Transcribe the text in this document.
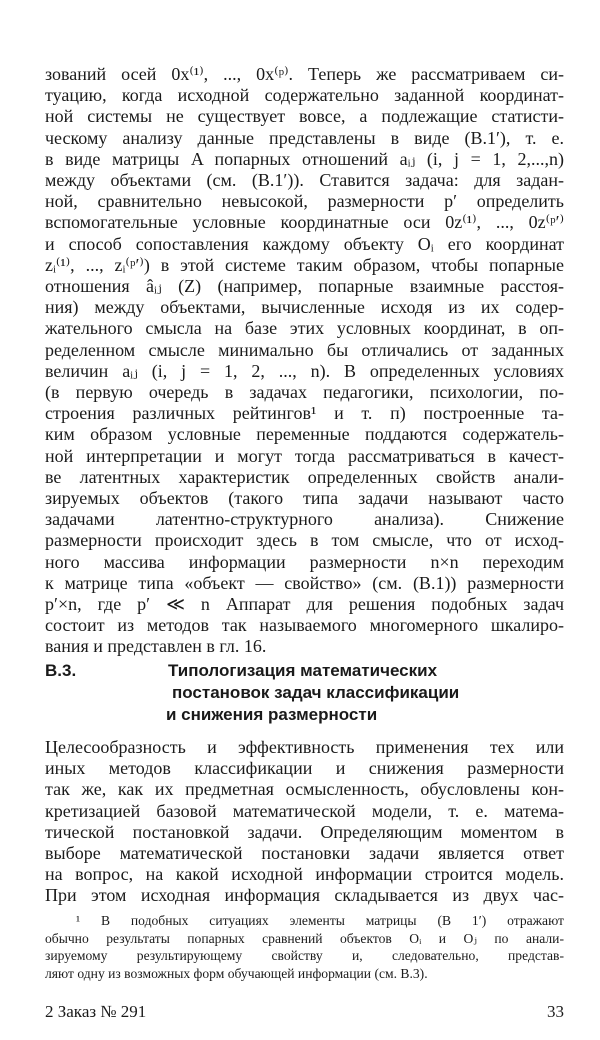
зований осей 0x⁽¹⁾, ..., 0x⁽ᵖ⁾. Теперь же рассматриваем си-
туацию, когда исходной содержательно заданной координат-
ной системы не существует вовсе, а подлежащие статисти-
ческому анализу данные представлены в виде (В.1′), т. е.
в виде матрицы A попарных отношений aᵢⱼ (i, j = 1, 2,...,n)
между объектами (см. (В.1′)). Ставится задача: для задан-
ной, сравнительно невысокой, размерности p′ определить
вспомогательные условные координатные оси 0z⁽¹⁾, ..., 0z⁽ᵖ′⁾
и способ сопоставления каждому объекту Oᵢ его координат
zᵢ⁽¹⁾, ..., zᵢ⁽ᵖ′⁾) в этой системе таким образом, чтобы попарные
отношения âᵢⱼ (Z) (например, попарные взаимные расстоя-
ния) между объектами, вычисленные исходя из их содер-
жательного смысла на базе этих условных координат, в оп-
ределенном смысле минимально бы отличались от заданных
величин aᵢⱼ (i, j = 1, 2, ..., n). В определенных условиях
(в первую очередь в задачах педагогики, психологии, по-
строения различных рейтингов¹ и т. п) построенные та-
ким образом условные переменные поддаются содержатель-
ной интерпретации и могут тогда рассматриваться в качест-
ве латентных характеристик определенных свойств анали-
зируемых объектов (такого типа задачи называют часто
задачами латентно-структурного анализа). Снижение
размерности происходит здесь в том смысле, что от исход-
ного массива информации размерности n×n переходим
к матрице типа «объект — свойство» (см. (В.1)) размерности
p′×n, где p′ ≪ n Аппарат для решения подобных задач
состоит из методов так называемого многомерного шкалиро-
вания и представлен в гл. 16.
В.3.	Типологизация математических
постановок задач классификации
и снижения размерности
Целесообразность и эффективность применения тех или
иных методов классификации и снижения размерности
так же, как их предметная осмысленность, обусловлены кон-
кретизацией базовой математической модели, т. е. матема-
тической постановкой задачи. Определяющим моментом в
выборе математической постановки задачи является ответ
на вопрос, на какой исходной информации строится модель.
При этом исходная информация складывается из двух час-
¹ В подобных ситуациях элементы матрицы (В 1′) отражают
обычно результаты попарных сравнений объектов Oᵢ и Oⱼ по анали-
зируемому результирующему свойству и, следовательно, представ-
ляют одну из возможных форм обучающей информации (см. В.3).
2 Заказ № 291	33
